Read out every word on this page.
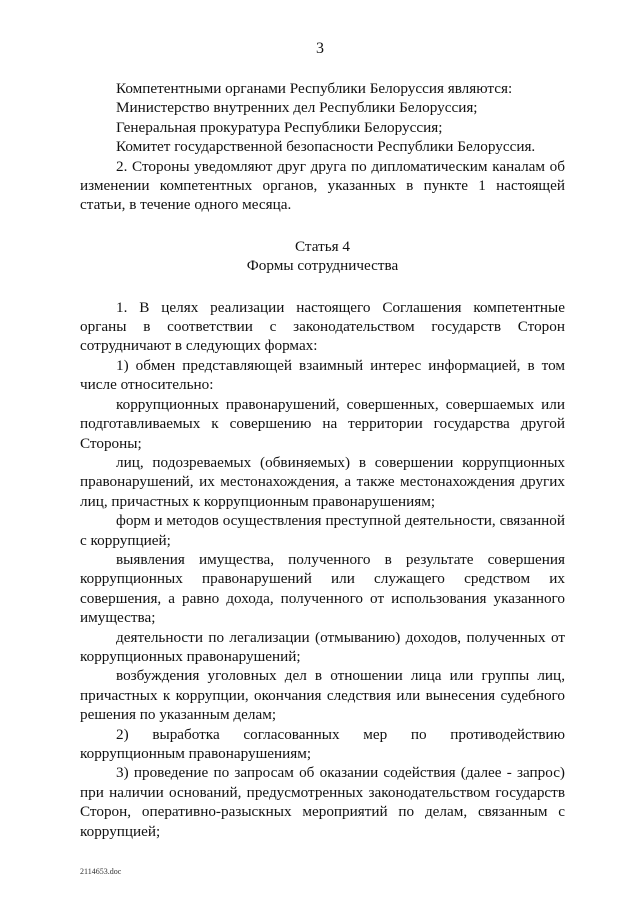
3

Компетентными органами Республики Белоруссия являются:

Министерство внутренних дел Республики Белоруссия;

Генеральная прокуратура Республики Белоруссия;

Комитет государственной безопасности Республики Белоруссия.

2. Стороны уведомляют друг друга по дипломатическим каналам об изменении компетентных органов, указанных в пункте 1 настоящей статьи, в течение одного месяца.

Статья 4

Формы сотрудничества

1. В целях реализации настоящего Соглашения компетентные органы в соответствии с законодательством государств Сторон сотрудничают в следующих формах:

1) обмен представляющей взаимный интерес информацией, в том числе относительно:

коррупционных правонарушений, совершенных, совершаемых или подготавливаемых к совершению на территории государства другой Стороны;

лиц, подозреваемых (обвиняемых) в совершении коррупционных правонарушений, их местонахождения, а также местонахождения других лиц, причастных к коррупционным правонарушениям;

форм и методов осуществления преступной деятельности, связанной с коррупцией;

выявления имущества, полученного в результате совершения коррупционных правонарушений или служащего средством их совершения, а равно дохода, полученного от использования указанного имущества;

деятельности по легализации (отмыванию) доходов, полученных от коррупционных правонарушений;

возбуждения уголовных дел в отношении лица или группы лиц, причастных к коррупции, окончания следствия или вынесения судебного решения по указанным делам;

2) выработка согласованных мер по противодействию коррупционным правонарушениям;

3) проведение по запросам об оказании содействия (далее - запрос) при наличии оснований, предусмотренных законодательством государств Сторон, оперативно-разыскных мероприятий по делам, связанным с коррупцией;

2114653.doc
